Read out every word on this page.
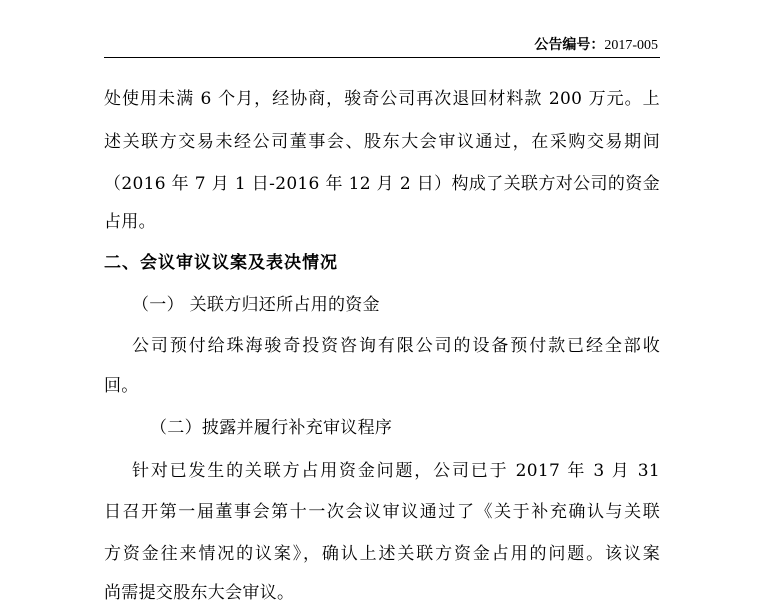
公告编号：2017-005
处使用未满 6 个月，经协商，骏奇公司再次退回材料款 200 万元。上
述关联方交易未经公司董事会、股东大会审议通过，在采购交易期间
（2016 年 7 月 1 日-2016 年 12 月 2 日）构成了关联方对公司的资金
占用。
二、会议审议议案及表决情况
（一） 关联方归还所占用的资金
公司预付给珠海骏奇投资咨询有限公司的设备预付款已经全部收
回。
（二）披露并履行补充审议程序
针对已发生的关联方占用资金问题，公司已于 2017 年 3 月 31
日召开第一届董事会第十一次会议审议通过了《关于补充确认与关联
方资金往来情况的议案》，确认上述关联方资金占用的问题。该议案
尚需提交股东大会审议。
